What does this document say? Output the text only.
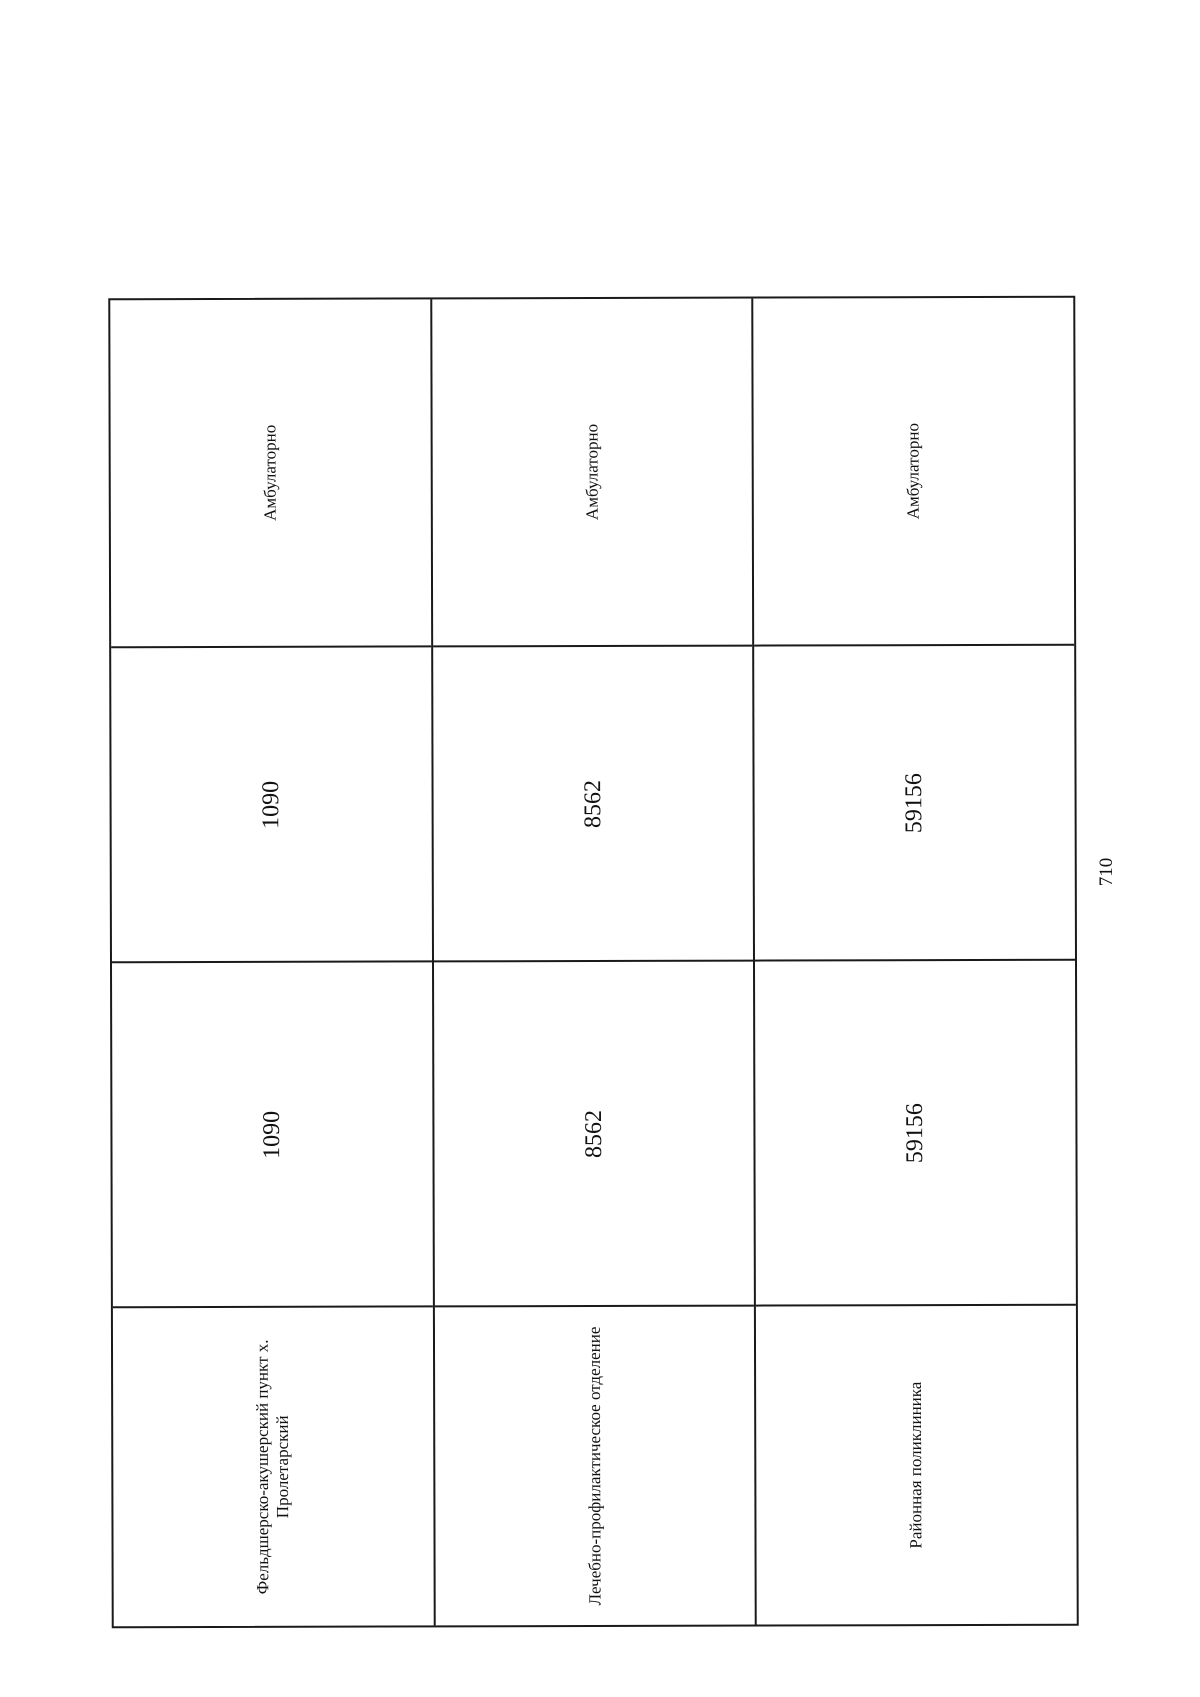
Амбулаторно
1090
1090
Фельдшерско-акушерский пункт х. Пролетарский
Амбулаторно
8562
8562
Лечебно-профилактическое отделение
Амбулаторно
59156
59156
Районная поликлиника
710
